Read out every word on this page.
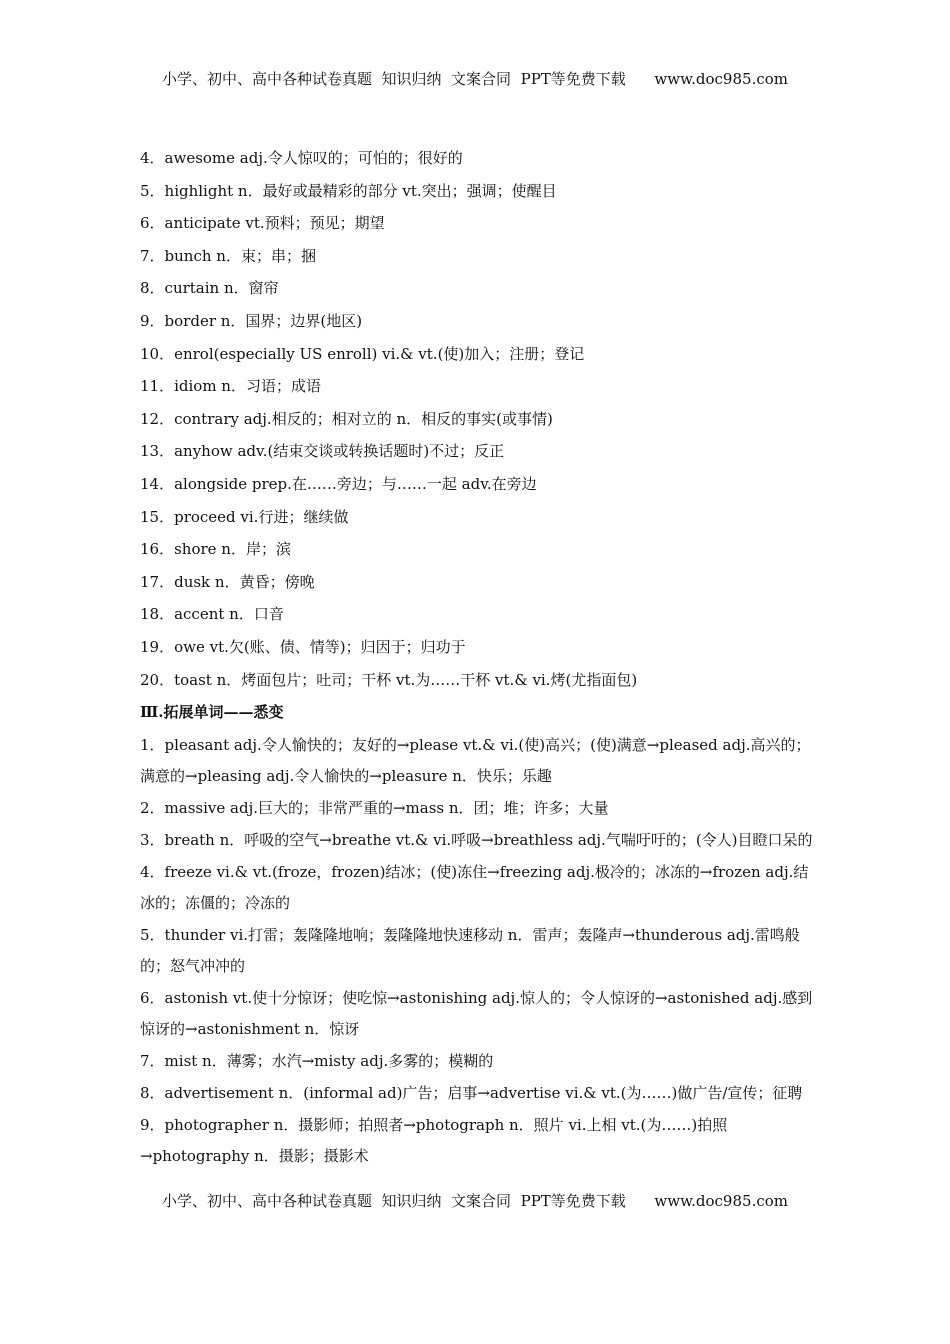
小学、初中、高中各种试卷真题  知识归纳  文案合同  PPT等免费下载      www.doc985.com
4．awesome adj.令人惊叹的；可怕的；很好的
5．highlight n．最好或最精彩的部分 vt.突出；强调；使醒目
6．anticipate vt.预料；预见；期望
7．bunch n．束；串；捆
8．curtain n．窗帘
9．border n．国界；边界(地区)
10．enrol(especially US enroll) vi.& vt.(使)加入；注册；登记
11．idiom n．习语；成语
12．contrary adj.相反的；相对立的 n．相反的事实(或事情)
13．anyhow adv.(结束交谈或转换话题时)不过；反正
14．alongside prep.在……旁边；与……一起 adv.在旁边
15．proceed vi.行进；继续做
16．shore n．岸；滨
17．dusk n．黄昏；傍晚
18．accent n．口音
19．owe vt.欠(账、债、情等)；归因于；归功于
20．toast n．烤面包片；吐司；干杯 vt.为……干杯 vt.& vi.烤(尤指面包)
Ⅲ.拓展单词——悉变
1．pleasant adj.令人愉快的；友好的→please vt.& vi.(使)高兴；(使)满意→pleased adj.高兴的；满意的→pleasing adj.令人愉快的→pleasure n．快乐；乐趣
2．massive adj.巨大的；非常严重的→mass n．团；堆；许多；大量
3．breath n．呼吸的空气→breathe vt.& vi.呼吸→breathless adj.气喘吁吁的；(令人)目瞪口呆的
4．freeze vi.& vt.(froze，frozen)结冰；(使)冻住→freezing adj.极冷的；冰冻的→frozen adj.结冰的；冻僵的；冷冻的
5．thunder vi.打雷；轰隆隆地响；轰隆隆地快速移动 n．雷声；轰隆声→thunderous adj.雷鸣般的；怒气冲冲的
6．astonish vt.使十分惊讶；使吃惊→astonishing adj.惊人的；令人惊讶的→astonished adj.感到惊讶的→astonishment n．惊讶
7．mist n．薄雾；水汽→misty adj.多雾的；模糊的
8．advertisement n．(informal ad)广告；启事→advertise vi.& vt.(为……)做广告/宣传；征聘
9．photographer n．摄影师；拍照者→photograph n．照片 vi.上相 vt.(为……)拍照→photography n．摄影；摄影术
小学、初中、高中各种试卷真题  知识归纳  文案合同  PPT等免费下载      www.doc985.com
